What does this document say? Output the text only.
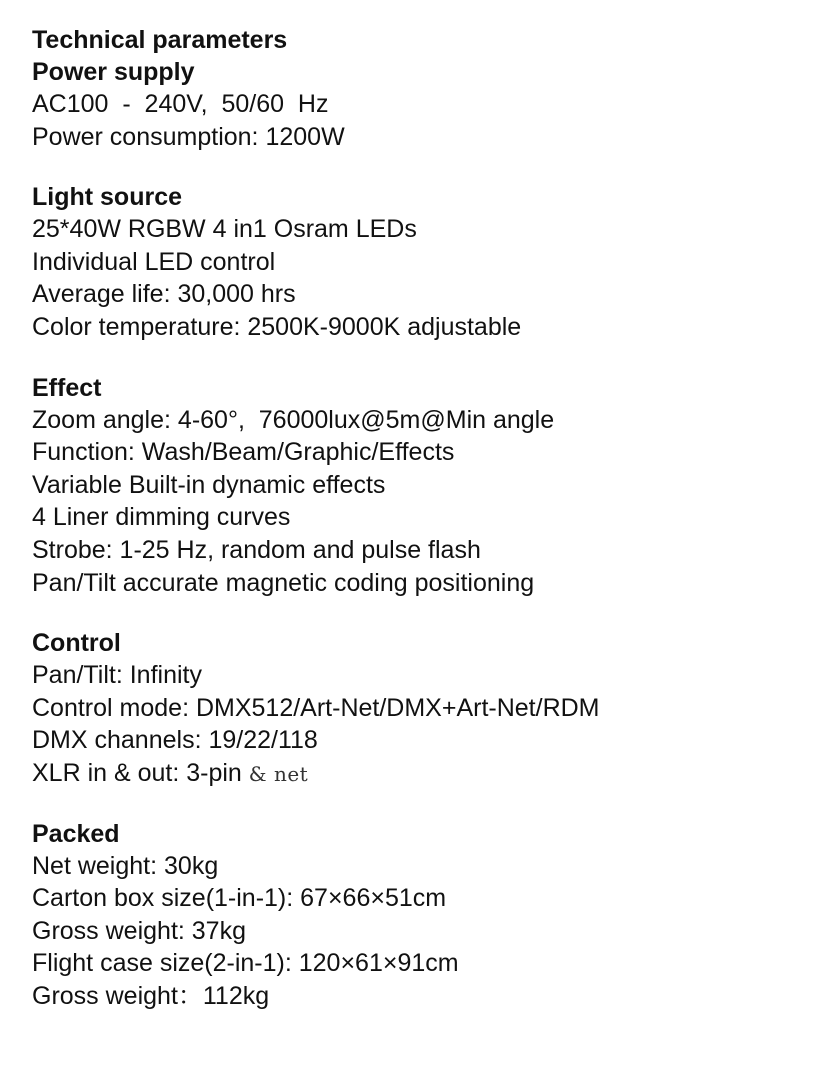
Technical parameters
Power supply
AC100  -  240V,  50/60  Hz
Power consumption: 1200W
Light source
25*40W RGBW 4 in1 Osram LEDs
Individual LED control
Average life: 30,000 hrs
Color temperature: 2500K-9000K adjustable
Effect
Zoom angle: 4-60°,  76000lux@5m@Min angle
Function: Wash/Beam/Graphic/Effects
Variable Built-in dynamic effects
4 Liner dimming curves
Strobe: 1-25 Hz, random and pulse flash
Pan/Tilt accurate magnetic coding positioning
Control
Pan/Tilt: Infinity
Control mode: DMX512/Art-Net/DMX+Art-Net/RDM
DMX channels: 19/22/118
XLR in & out: 3-pin & net
Packed
Net weight: 30kg
Carton box size(1-in-1): 67×66×51cm
Gross weight: 37kg
Flight case size(2-in-1): 120×61×91cm
Gross weight：112kg
